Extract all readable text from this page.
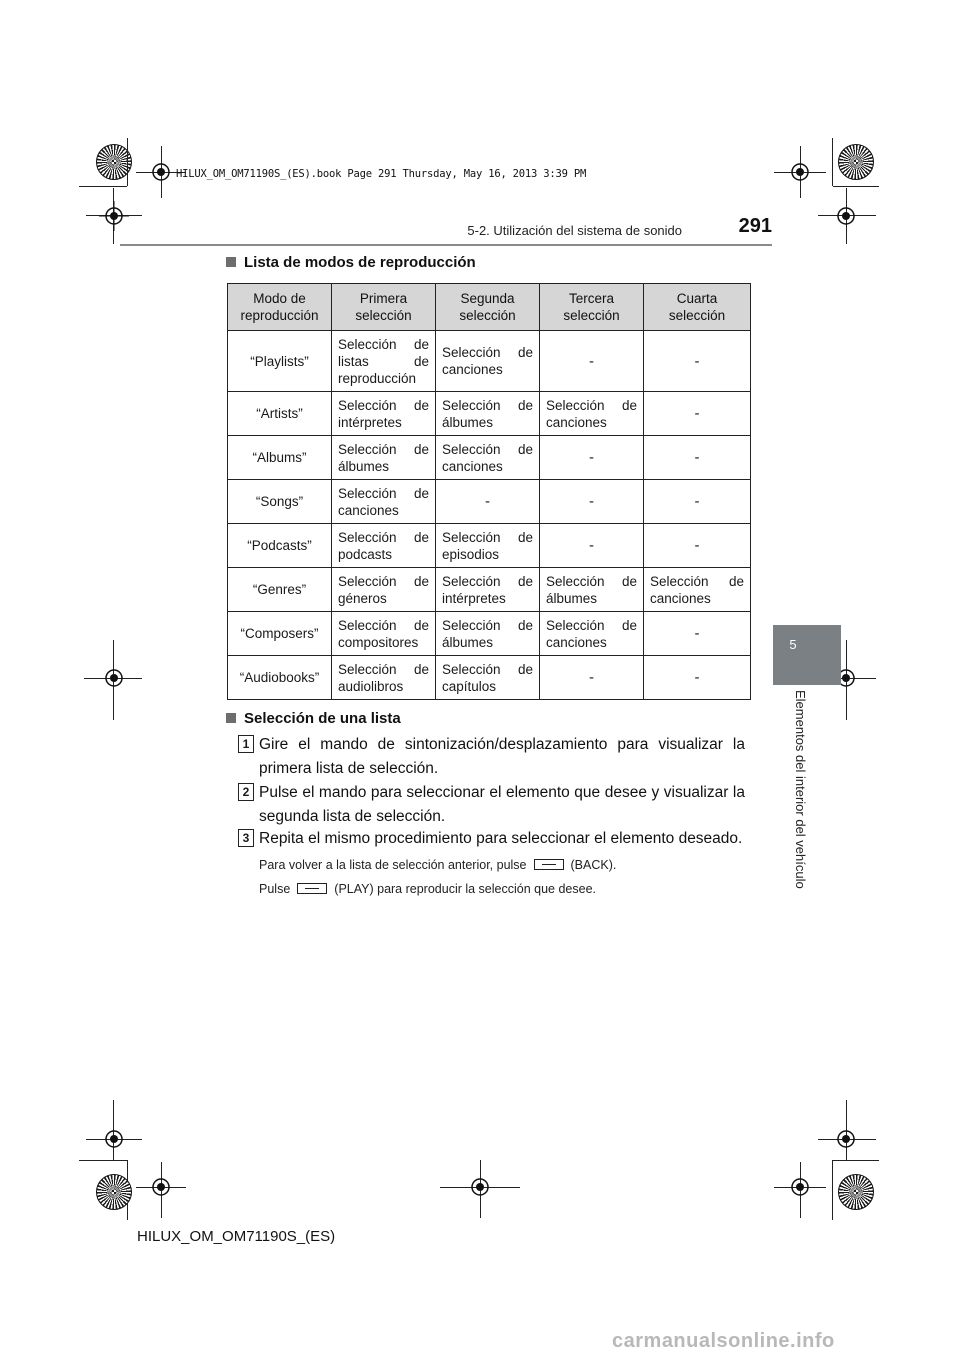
HILUX_OM_OM71190S_(ES).book Page 291 Thursday, May 16, 2013 3:39 PM
291
5-2. Utilización del sistema de sonido
5
Elementos del interior del vehículo
Lista de modos de reproducción
Modo de reproducción	Primera selección	Segunda selección	Tercera selección	Cuarta selección
“Playlists”	Selección de listas de reproducción	Selección de canciones	-	-
“Artists”	Selección de intérpretes	Selección de álbumes	Selección de canciones	-
“Albums”	Selección de álbumes	Selección de canciones	-	-
“Songs”	Selección de canciones	-	-	-
“Podcasts”	Selección de podcasts	Selección de episodios	-	-
“Genres”	Selección de géneros	Selección de intérpretes	Selección de álbumes	Selección de canciones
“Composers”	Selección de compositores	Selección de álbumes	Selección de canciones	-
“Audiobooks”	Selección de audiolibros	Selección de capítulos	-	-
Selección de una lista
1 Gire el mando de sintonización/desplazamiento para visualizar la primera lista de selección.
2 Pulse el mando para seleccionar el elemento que desee y visualizar la segunda lista de selección.
3 Repita el mismo procedimiento para seleccionar el elemento deseado.
Para volver a la lista de selección anterior, pulse	(BACK).
Pulse	(PLAY) para reproducir la selección que desee.
HILUX_OM_OM71190S_(ES)
carmanualsonline.info
